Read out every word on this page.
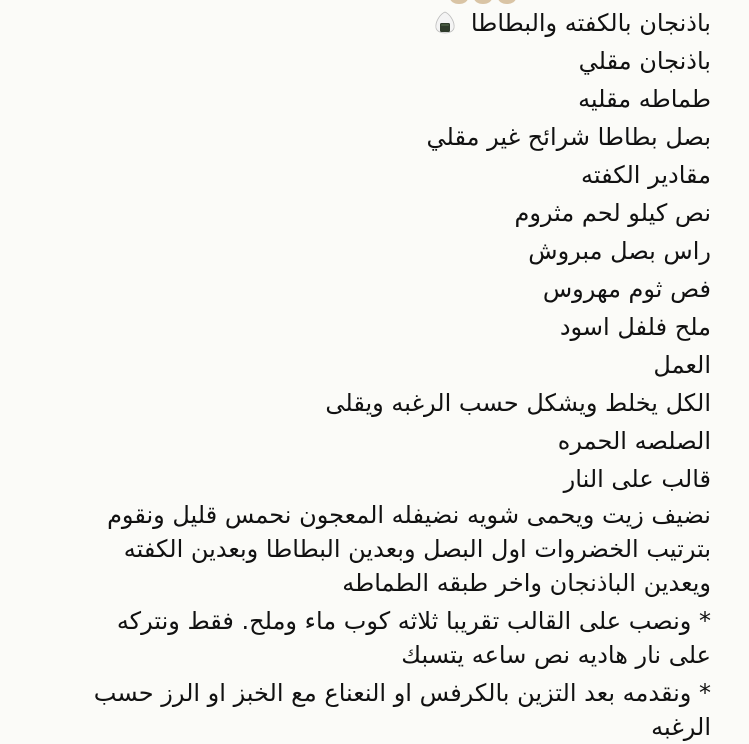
باذنجان بالكفته والبطاطا
باذنجان مقلي
طماطه مقليه
بصل بطاطا شرائح غير مقلي
مقادير الكفته
نص كيلو لحم مثروم
راس بصل مبروش
فص ثوم مهروس
ملح فلفل اسود
العمل
الكل يخلط ويشكل حسب الرغبه ويقلى
الصلصه الحمره
قالب على النار
نضيف زيت ويحمى شويه نضيفله المعجون نحمس قليل ونقوم
بترتيب الخضروات اول البصل وبعدين البطاطا وبعدين الكفته
ويعدين الباذنجان واخر طبقه الطماطه
* ونصب على القالب تقريبا ثلاثه كوب ماء وملح. فقط ونتركه
على نار هاديه نص ساعه يتسبك
* ونقدمه بعد التزين بالكرفس او النعناع مع الخبز او الرز حسب
الرغبه
